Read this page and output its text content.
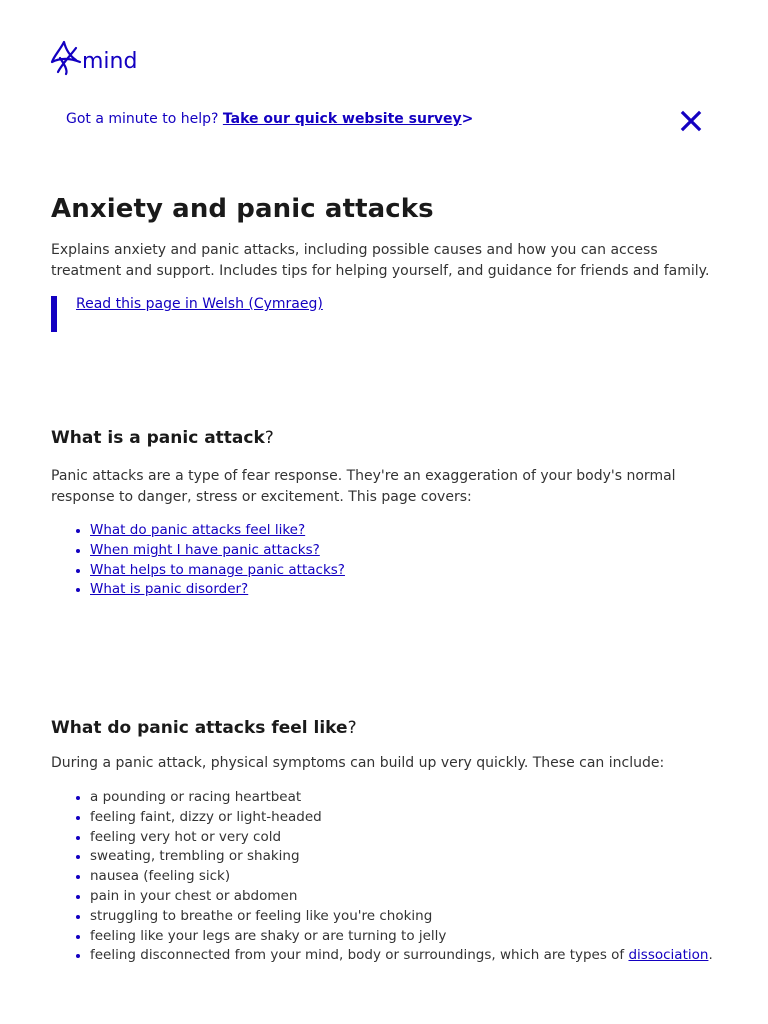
mind
Got a minute to help? Take our quick website survey>
Anxiety and panic attacks

Explains anxiety and panic attacks, including possible causes and how you can access treatment and support. Includes tips for helping yourself, and guidance for friends and family.

Read this page in Welsh (Cymraeg)
What is a panic attack?

Panic attacks are a type of fear response. They're an exaggeration of your body's normal response to danger, stress or excitement. This page covers:

• What do panic attacks feel like?
• When might I have panic attacks?
• What helps to manage panic attacks?
• What is panic disorder?
What do panic attacks feel like?

During a panic attack, physical symptoms can build up very quickly. These can include:

• a pounding or racing heartbeat
• feeling faint, dizzy or light-headed
• feeling very hot or very cold
• sweating, trembling or shaking
• nausea (feeling sick)
• pain in your chest or abdomen
• struggling to breathe or feeling like you're choking
• feeling like your legs are shaky or are turning to jelly
• feeling disconnected from your mind, body or surroundings, which are types of dissociation.
